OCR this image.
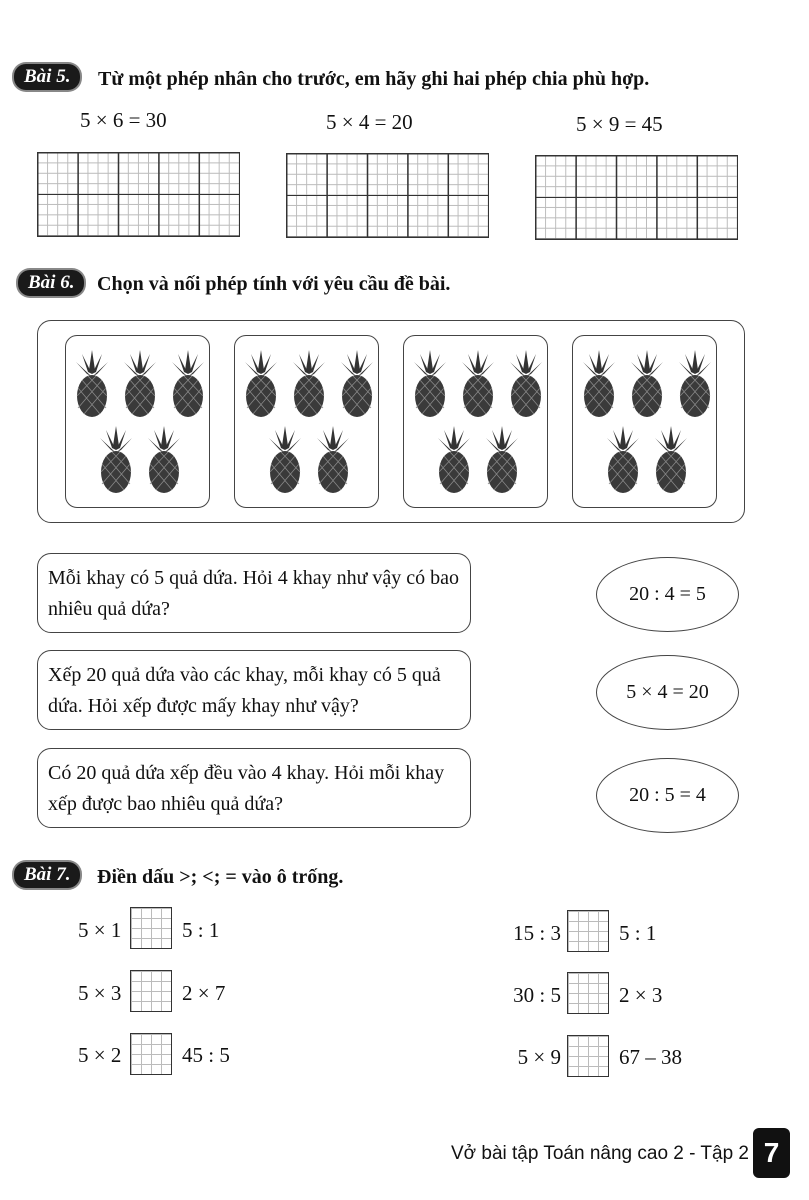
Bài 5.	Từ một phép nhân cho trước, em hãy ghi hai phép chia phù hợp.
5 × 6 = 30	5 × 4 = 20	5 × 9 = 45
Bài 6.	Chọn và nối phép tính với yêu cầu đề bài.
Mỗi khay có 5 quả dứa. Hỏi 4 khay như vậy có bao nhiêu quả dứa?
Xếp 20 quả dứa vào các khay, mỗi khay có 5 quả dứa. Hỏi xếp được mấy khay như vậy?
Có 20 quả dứa xếp đều vào 4 khay. Hỏi mỗi khay xếp được bao nhiêu quả dứa?
20 : 4 = 5
5 × 4 = 20
20 : 5 = 4
Bài 7.	Điền dấu >; <; = vào ô trống.
5 × 1	5 : 1
5 × 3	2 × 7
5 × 2	45 : 5
15 : 3	5 : 1
30 : 5	2 × 3
5 × 9	67 – 38
Vở bài tập Toán nâng cao 2 - Tập 2 7
